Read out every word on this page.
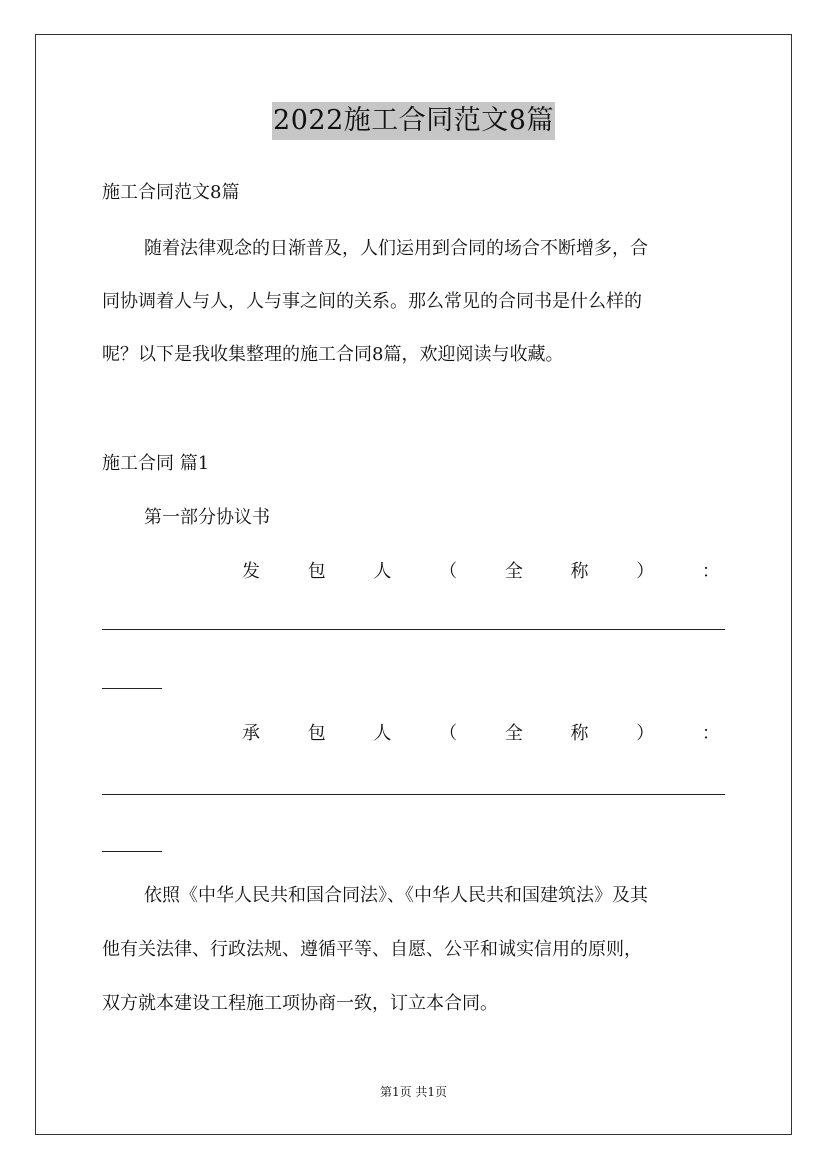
2022施工合同范文8篇
施工合同范文8篇
随着法律观念的日渐普及，人们运用到合同的场合不断增多，合
同协调着人与人，人与事之间的关系。那么常见的合同书是什么样的
呢？以下是我收集整理的施工合同8篇，欢迎阅读与收藏。
施工合同 篇1
第一部分协议书
发	包	人	（	全	称	）	：
承	包	人	（	全	称	）	：
依照《中华人民共和国合同法》、《中华人民共和国建筑法》及其
他有关法律、行政法规、遵循平等、自愿、公平和诚实信用的原则，
双方就本建设工程施工项协商一致，订立本合同。
第1页 共1页
